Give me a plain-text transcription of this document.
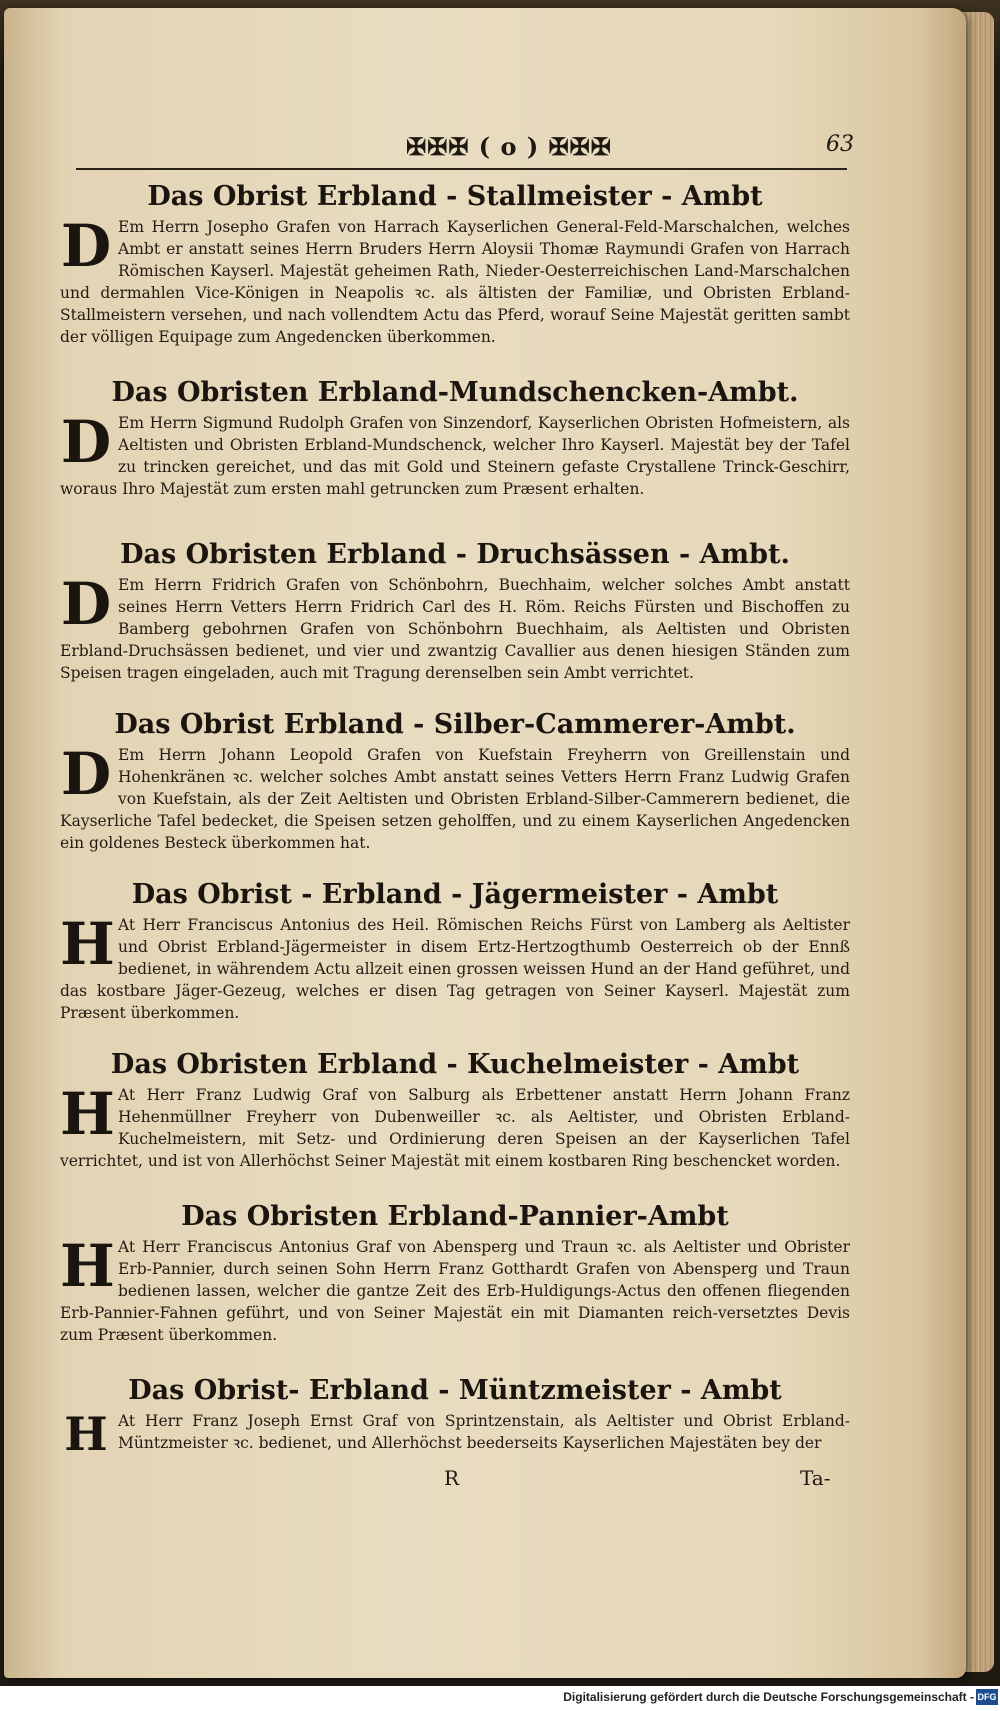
✠✠✠ ( o ) ✠✠✠	63
Das Obrist Erbland - Stallmeister - Ambt
D Em Herrn Josepho Grafen von Harrach Kayserlichen General-Feld-Marschalchen, welches Ambt er anstatt seines Herrn Bruders Herrn Aloysii Thomæ Raymundi Grafen von Harrach Römischen Kayserl. Majestät geheimen Rath, Nieder-Oesterreichischen Land-Marschalchen und dermahlen Vice-Königen in Neapolis ꝛc. als ältisten der Familiæ, und Obristen Erbland-Stallmeistern versehen, und nach vollendtem Actu das Pferd, worauf Seine Majestät geritten sambt der völligen Equipage zum Angedencken überkommen.

Das Obristen Erbland-Mundschencken-Ambt.
D Em Herrn Sigmund Rudolph Grafen von Sinzendorf, Kayserlichen Obristen Hofmeistern, als Aeltisten und Obristen Erbland-Mundschenck, welcher Ihro Kayserl. Majestät bey der Tafel zu trincken gereichet, und das mit Gold und Steinern gefaste Crystallene Trinck-Geschirr, woraus Ihro Majestät zum ersten mahl getruncken zum Præsent erhalten.

Das Obristen Erbland - Druchsässen - Ambt.
D Em Herrn Fridrich Grafen von Schönbohrn, Buechhaim, welcher solches Ambt anstatt seines Herrn Vetters Herrn Fridrich Carl des H. Röm. Reichs Fürsten und Bischoffen zu Bamberg gebohrnen Grafen von Schönbohrn Buechhaim, als Aeltisten und Obristen Erbland-Druchsässen bedienet, und vier und zwantzig Cavallier aus denen hiesigen Ständen zum Speisen tragen eingeladen, auch mit Tragung derenselben sein Ambt verrichtet.

Das Obrist Erbland - Silber-Cammerer-Ambt.
D Em Herrn Johann Leopold Grafen von Kuefstain Freyherrn von Greillenstain und Hohenkränen ꝛc. welcher solches Ambt anstatt seines Vetters Herrn Franz Ludwig Grafen von Kuefstain, als der Zeit Aeltisten und Obristen Erbland-Silber-Cammerern bedienet, die Kayserliche Tafel bedecket, die Speisen setzen geholffen, und zu einem Kayserlichen Angedencken ein goldenes Besteck überkommen hat.

Das Obrist - Erbland - Jägermeister - Ambt
H At Herr Franciscus Antonius des Heil. Römischen Reichs Fürst von Lamberg als Aeltister und Obrist Erbland-Jägermeister in disem Ertz-Hertzogthumb Oesterreich ob der Ennß bedienet, in währendem Actu allzeit einen grossen weissen Hund an der Hand geführet, und das kostbare Jäger-Gezeug, welches er disen Tag getragen von Seiner Kayserl. Majestät zum Præsent überkommen.

Das Obristen Erbland - Kuchelmeister - Ambt
H At Herr Franz Ludwig Graf von Salburg als Erbettener anstatt Herrn Johann Franz Hehenmüllner Freyherr von Dubenweiller ꝛc. als Aeltister, und Obristen Erbland-Kuchelmeistern, mit Setz- und Ordinierung deren Speisen an der Kayserlichen Tafel verrichtet, und ist von Allerhöchst Seiner Majestät mit einem kostbaren Ring beschencket worden.

Das Obristen Erbland-Pannier-Ambt
H At Herr Franciscus Antonius Graf von Abensperg und Traun ꝛc. als Aeltister und Obrister Erb-Pannier, durch seinen Sohn Herrn Franz Gotthardt Grafen von Abensperg und Traun bedienen lassen, welcher die gantze Zeit des Erb-Huldigungs-Actus den offenen fliegenden Erb-Pannier-Fahnen geführt, und von Seiner Majestät ein mit Diamanten reich-versetztes Devis zum Præsent überkommen.

Das Obrist- Erbland - Müntzmeister - Ambt
H At Herr Franz Joseph Ernst Graf von Sprintzenstain, als Aeltister und Obrist Erbland-Müntzmeister ꝛc. bedienet, und Allerhöchst beederseits Kayserlichen Majestäten bey der

R	Ta-
Digitalisierung gefördert durch die Deutsche Forschungsgemeinschaft - DFG
